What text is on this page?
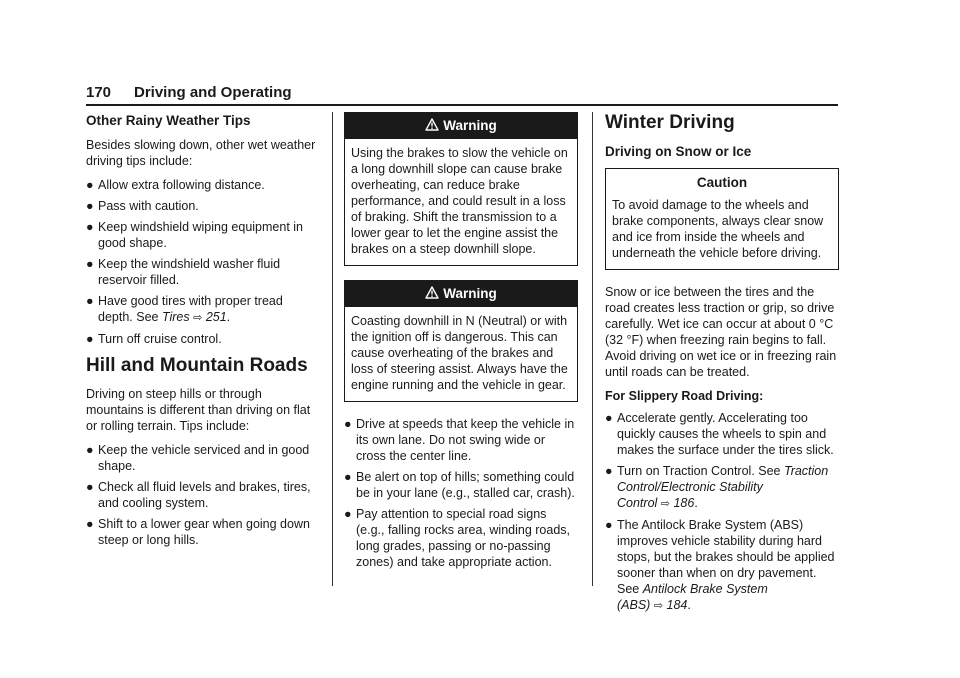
170 Driving and Operating
Other Rainy Weather Tips

Besides slowing down, other wet weather driving tips include:

● Allow extra following distance.
● Pass with caution.
● Keep windshield wiping equipment in good shape.
● Keep the windshield washer fluid reservoir filled.
● Have good tires with proper tread depth. See Tires ⇨ 251.
● Turn off cruise control.
Hill and Mountain Roads

Driving on steep hills or through mountains is different than driving on flat or rolling terrain. Tips include:

● Keep the vehicle serviced and in good shape.
● Check all fluid levels and brakes, tires, and cooling system.
● Shift to a lower gear when going down steep or long hills.
Warning
Using the brakes to slow the vehicle on a long downhill slope can cause brake overheating, can reduce brake performance, and could result in a loss of braking. Shift the transmission to a lower gear to let the engine assist the brakes on a steep downhill slope.
Warning
Coasting downhill in N (Neutral) or with the ignition off is dangerous. This can cause overheating of the brakes and loss of steering assist. Always have the engine running and the vehicle in gear.
● Drive at speeds that keep the vehicle in its own lane. Do not swing wide or cross the center line.
● Be alert on top of hills; something could be in your lane (e.g., stalled car, crash).
● Pay attention to special road signs (e.g., falling rocks area, winding roads, long grades, passing or no-passing zones) and take appropriate action.
Winter Driving
Driving on Snow or Ice
Caution
To avoid damage to the wheels and brake components, always clear snow and ice from inside the wheels and underneath the vehicle before driving.

Snow or ice between the tires and the road creates less traction or grip, so drive carefully. Wet ice can occur at about 0 °C (32 °F) when freezing rain begins to fall. Avoid driving on wet ice or in freezing rain until roads can be treated.

For Slippery Road Driving:

● Accelerate gently. Accelerating too quickly causes the wheels to spin and makes the surface under the tires slick.
● Turn on Traction Control. See Traction Control/Electronic Stability Control ⇨ 186.
● The Antilock Brake System (ABS) improves vehicle stability during hard stops, but the brakes should be applied sooner than when on dry pavement. See Antilock Brake System (ABS) ⇨ 184.
